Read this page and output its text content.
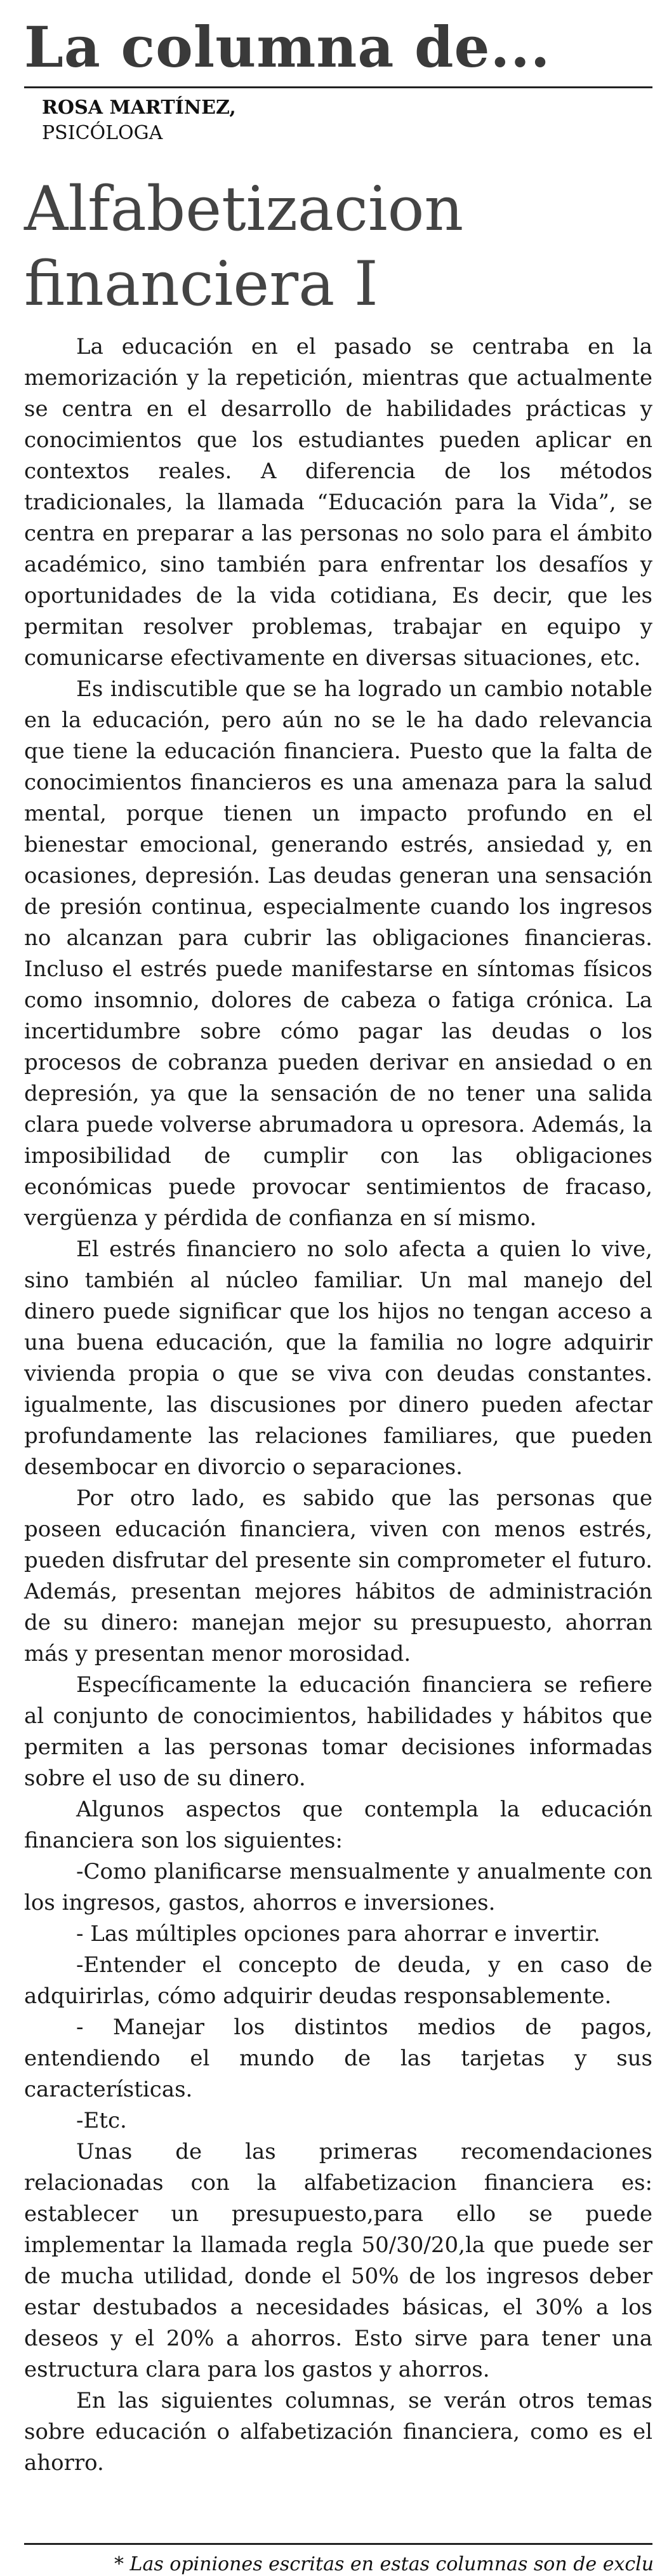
La columna de...
ROSA MARTÍNEZ,
PSICÓLOGA
Alfabetizacion financiera I

La educación en el pasado se centraba en la memorización y la repetición, mientras que actualmente se centra en el desarrollo de habilidades prácticas y conocimientos que los estudiantes pueden aplicar en contextos reales. A diferencia de los métodos tradicionales, la llamada “Educación para la Vida”, se centra en preparar a las personas no solo para el ámbito académico, sino también para enfrentar los desafíos y oportunidades de la vida cotidiana, Es decir, que les permitan resolver problemas, trabajar en equipo y comunicarse efectivamente en diversas situaciones, etc.

Es indiscutible que se ha logrado un cambio notable en la educación, pero aún no se le ha dado relevancia que tiene la educación financiera. Puesto que la falta de conocimientos financieros es una amenaza para la salud mental, porque tienen un impacto profundo en el bienestar emocional, generando estrés, ansiedad y, en ocasiones, depresión. Las deudas generan una sensación de presión continua, especialmente cuando los ingresos no alcanzan para cubrir las obligaciones financieras. Incluso el estrés puede manifestarse en síntomas físicos como insomnio, dolores de cabeza o fatiga crónica. La incertidumbre sobre cómo pagar las deudas o los procesos de cobranza pueden derivar en ansiedad o en depresión, ya que la sensación de no tener una salida clara puede volverse abrumadora u opresora. Además, la imposibilidad de cumplir con las obligaciones económicas puede provocar sentimientos de fracaso, vergüenza y pérdida de confianza en sí mismo.

El estrés financiero no solo afecta a quien lo vive, sino también al núcleo familiar. Un mal manejo del dinero puede significar que los hijos no tengan acceso a una buena educación, que la familia no logre adquirir vivienda propia o que se viva con deudas constantes. igualmente, las discusiones por dinero pueden afectar profundamente las relaciones familiares, que pueden desembocar en divorcio o separaciones.

Por otro lado, es sabido que las personas que poseen educación financiera, viven con menos estrés, pueden disfrutar del presente sin comprometer el futuro. Además, presentan mejores hábitos de administración de su dinero: manejan mejor su presupuesto, ahorran más y presentan menor morosidad.

Específicamente la educación financiera se refiere al conjunto de conocimientos, habilidades y hábitos que permiten a las personas tomar decisiones informadas sobre el uso de su dinero.

Algunos aspectos que contempla la educación financiera son los siguientes:

-Como planificarse mensualmente y anualmente con los ingresos, gastos, ahorros e inversiones.

- Las múltiples opciones para ahorrar e invertir.

-Entender el concepto de deuda, y en caso de adquirirlas, cómo adquirir deudas responsablemente.

- Manejar los distintos medios de pagos, entendiendo el mundo de las tarjetas y sus características.

-Etc.

Unas de las primeras recomendaciones relacionadas con la alfabetizacion financiera es: establecer un presupuesto,para ello se puede implementar la llamada regla 50/30/20,la que puede ser de mucha utilidad, donde el 50% de los ingresos deber estar destubados a necesidades básicas, el 30% a los deseos y el 20% a ahorros. Esto sirve para tener una estructura clara para los gastos y ahorros.

En las siguientes columnas, se verán otros temas sobre educación o alfabetización financiera, como es el ahorro.

* Las opiniones escritas en estas columnas son de exclu
